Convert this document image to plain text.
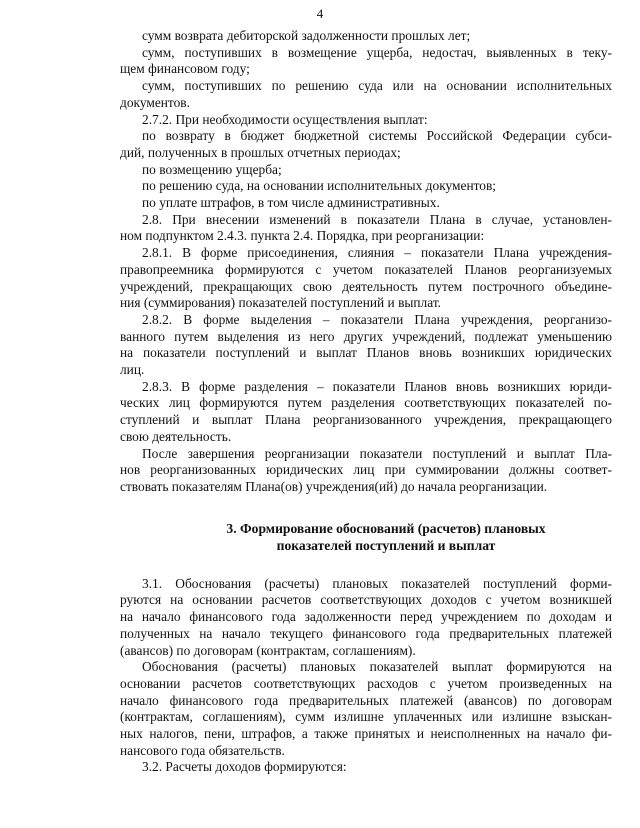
4

сумм возврата дебиторской задолженности прошлых лет;

сумм, поступивших в возмещение ущерба, недостач, выявленных в теку-

щем финансовом году;

сумм, поступивших по решению суда или на основании исполнительных

документов.

2.7.2. При необходимости осуществления выплат:

по возврату в бюджет бюджетной системы Российской Федерации субси-

дий, полученных в прошлых отчетных периодах;

по возмещению ущерба;

по решению суда, на основании исполнительных документов;

по уплате штрафов, в том числе административных.

2.8. При внесении изменений в показатели Плана в случае, установлен-

ном подпунктом 2.4.3. пункта 2.4. Порядка, при реорганизации:

2.8.1. В форме присоединения, слияния – показатели Плана учреждения-

правопреемника формируются с учетом показателей Планов реорганизуемых

учреждений, прекращающих свою деятельность путем построчного объедине-

ния (суммирования) показателей поступлений и выплат.

2.8.2. В форме выделения – показатели Плана учреждения, реорганизо-

ванного путем выделения из него других учреждений, подлежат уменьшению

на показатели поступлений и выплат Планов вновь возникших юридических

лиц.

2.8.3. В форме разделения – показатели Планов вновь возникших юриди-

ческих лиц формируются путем разделения соответствующих показателей по-

ступлений и выплат Плана реорганизованного учреждения, прекращающего

свою деятельность.

После завершения реорганизации показатели поступлений и выплат Пла-

нов реорганизованных юридических лиц при суммировании должны соответ-

ствовать показателям Плана(ов) учреждения(ий) до начала реорганизации.

3. Формирование обоснований (расчетов) плановых

показателей поступлений и выплат

3.1. Обоснования (расчеты) плановых показателей поступлений форми-

руются на основании расчетов соответствующих доходов с учетом возникшей

на начало финансового года задолженности перед учреждением по доходам и

полученных на начало текущего финансового года предварительных платежей

(авансов) по договорам (контрактам, соглашениям).

Обоснования (расчеты) плановых показателей выплат формируются на

основании расчетов соответствующих расходов с учетом произведенных на

начало финансового года предварительных платежей (авансов) по договорам

(контрактам, соглашениям), сумм излишне уплаченных или излишне взыскан-

ных налогов, пени, штрафов, а также принятых и неисполненных на начало фи-

нансового года обязательств.

3.2. Расчеты доходов формируются:
